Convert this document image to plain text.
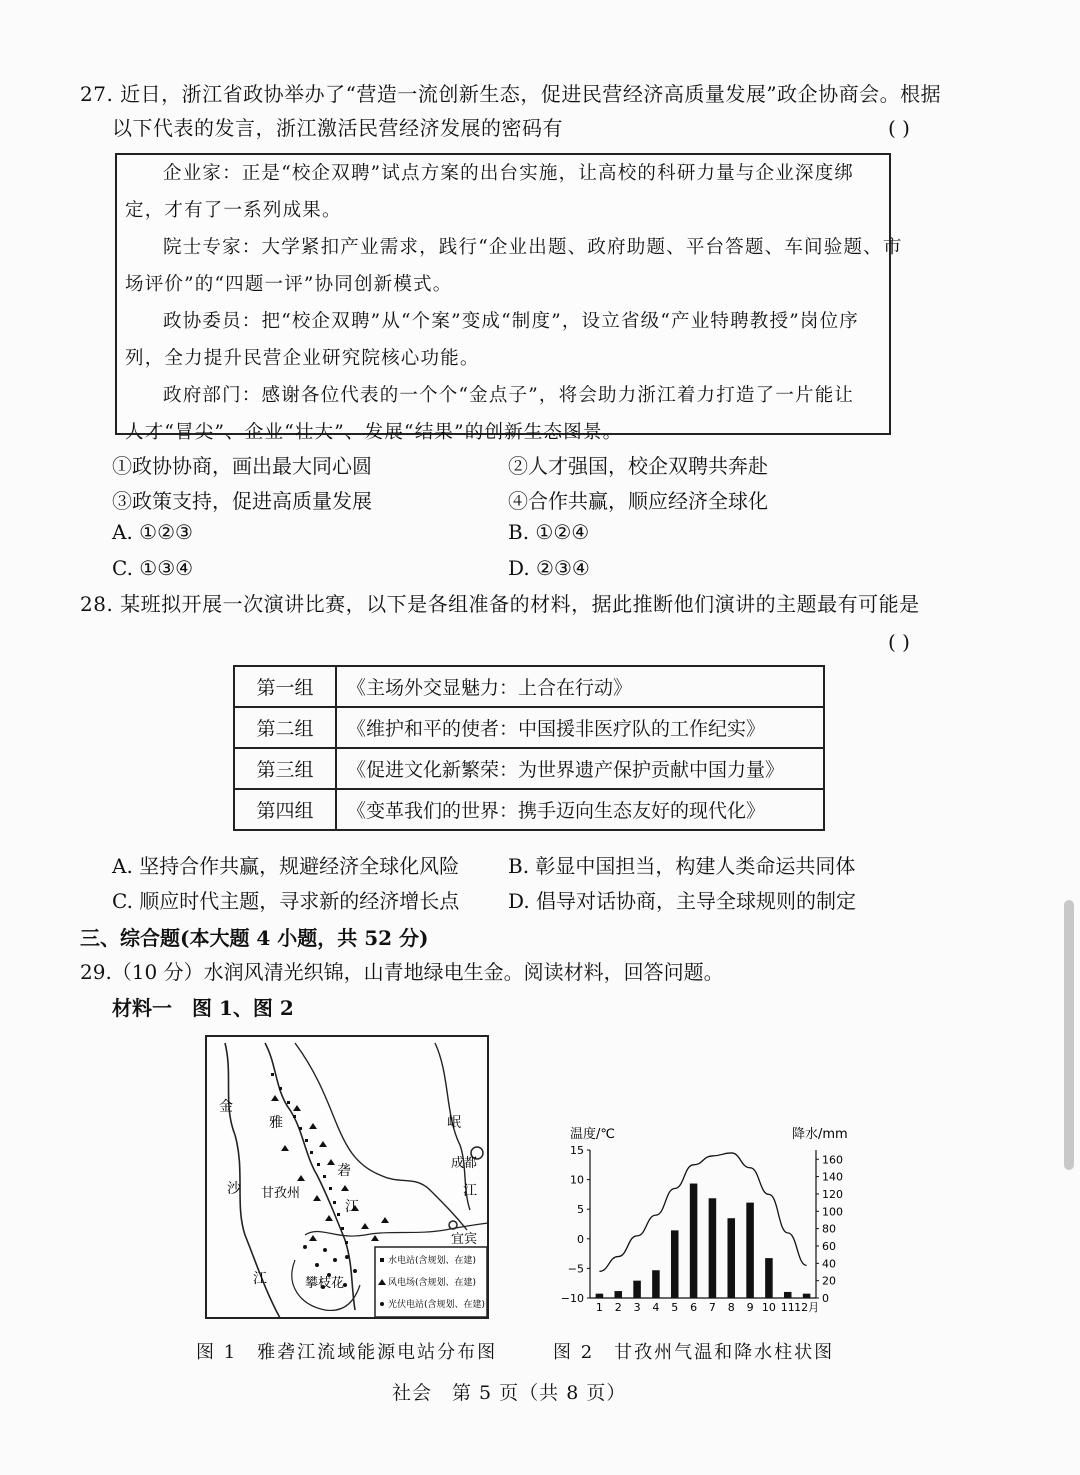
27. 近日，浙江省政协举办了“营造一流创新生态，促进民营经济高质量发展”政企协商会。根据
以下代表的发言，浙江激活民营经济发展的密码有	( )

企业家：正是“校企双聘”试点方案的出台实施，让高校的科研力量与企业深度绑

定，才有了一系列成果。

院士专家：大学紧扣产业需求，践行“企业出题、政府助题、平台答题、车间验题、市

场评价”的“四题一评”协同创新模式。

政协委员：把“校企双聘”从“个案”变成“制度”，设立省级“产业特聘教授”岗位序

列，全力提升民营企业研究院核心功能。

政府部门：感谢各位代表的一个个“金点子”，将会助力浙江着力打造了一片能让

人才“冒尖”、企业“壮大”、发展“结果”的创新生态图景。

①政协协商，画出最大同心圆	②人才强国，校企双聘共奔赴
③政策支持，促进高质量发展	④合作共赢，顺应经济全球化
A. ①②③	B. ①②④
C. ①③④	D. ②③④
28. 某班拟开展一次演讲比赛，以下是各组准备的材料，据此推断他们演讲的主题最有可能是
( )
第一组	《主场外交显魅力：上合在行动》
第二组	《维护和平的使者：中国援非医疗队的工作纪实》
第三组	《促进文化新繁荣：为世界遗产保护贡献中国力量》
第四组	《变革我们的世界：携手迈向生态友好的现代化》
A. 坚持合作共赢，规避经济全球化风险 B. 彰显中国担当，构建人类命运共同体
C. 顺应时代主题，寻求新的经济增长点 D. 倡导对话协商，主导全球规则的制定
三、综合题(本大题 4 小题，共 52 分)
29.（10 分）水润风清光织锦，山青地绿电生金。阅读材料，回答问题。
材料一　图 1、图 2
金
沙
江
雅
砻
江
岷
江
甘孜州
成都
宜宾
攀枝花
水电站(含规划、在建)
风电场(含规划、在建)
光伏电站(含规划、在建)
温度/℃	降水/mm
15
10
5
0
−5
−10
160
140
120
100
80
60
40
20
0
1 2 3 4 5 6 7 8 9 10 11 12月
图 1　雅砻江流域能源电站分布图	图 2　甘孜州气温和降水柱状图
社会　第 5 页（共 8 页）
